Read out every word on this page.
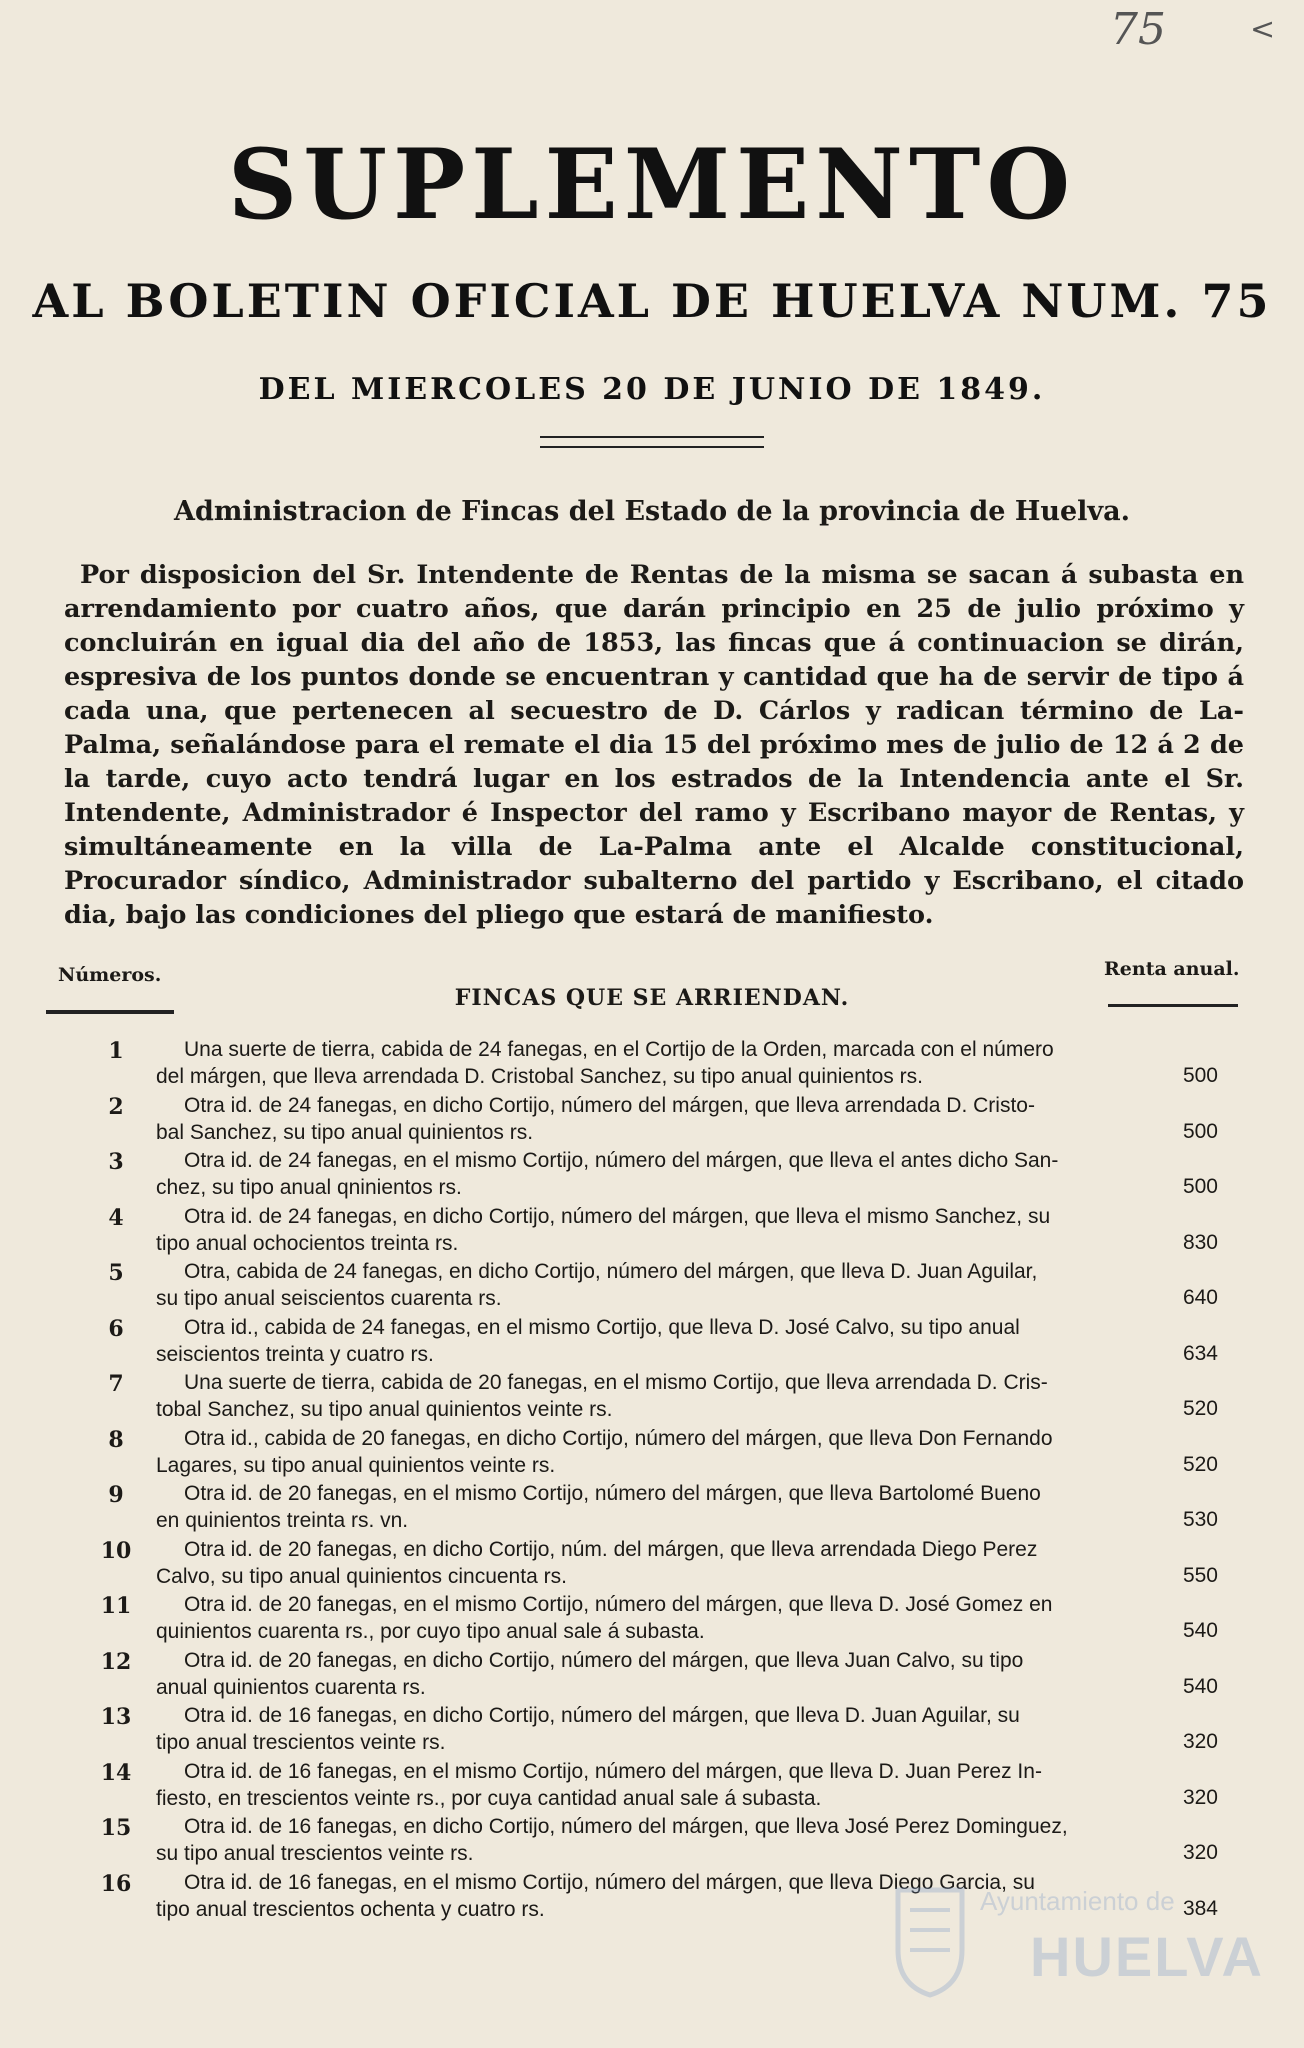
75	<
SUPLEMENTO
AL BOLETIN OFICIAL DE HUELVA NUM. 75
DEL MIERCOLES 20 DE JUNIO DE 1849.
Administracion de Fincas del Estado de la provincia de Huelva.

Por disposicion del Sr. Intendente de Rentas de la misma se sacan á subasta en arrendamiento por cuatro años, que darán principio en 25 de julio próximo y concluirán en igual dia del año de 1853, las fincas que á continuacion se dirán, espresiva de los puntos donde se encuentran y cantidad que ha de servir de tipo á cada una, que pertenecen al secuestro de D. Cárlos y radican término de La-Palma, señalándose para el remate el dia 15 del próximo mes de julio de 12 á 2 de la tarde, cuyo acto tendrá lugar en los estrados de la Intendencia ante el Sr. Intendente, Administrador é Inspector del ramo y Escribano mayor de Rentas, y simultáneamente en la villa de La-Palma ante el Alcalde constitucional, Procurador síndico, Administrador subalterno del partido y Escribano, el citado dia, bajo las condiciones del pliego que estará de manifiesto.

Números.
FINCAS QUE SE ARRIENDAN.
Renta anual.
1	Una suerte de tierra, cabida de 24 fanegas, en el Cortijo de la Orden, marcada con el número
del márgen, que lleva arrendada D. Cristobal Sanchez, su tipo anual quinientos rs.	500
2	Otra id. de 24 fanegas, en dicho Cortijo, número del márgen, que lleva arrendada D. Cristo-
bal Sanchez, su tipo anual quinientos rs.	500
3	Otra id. de 24 fanegas, en el mismo Cortijo, número del márgen, que lleva el antes dicho San-
chez, su tipo anual qninientos rs.	500
4	Otra id. de 24 fanegas, en dicho Cortijo, número del márgen, que lleva el mismo Sanchez, su
tipo anual ochocientos treinta rs.	830
5	Otra, cabida de 24 fanegas, en dicho Cortijo, número del márgen, que lleva D. Juan Aguilar,
su tipo anual seiscientos cuarenta rs.	640
6	Otra id., cabida de 24 fanegas, en el mismo Cortijo, que lleva D. José Calvo, su tipo anual
seiscientos treinta y cuatro rs.	634
7	Una suerte de tierra, cabida de 20 fanegas, en el mismo Cortijo, que lleva arrendada D. Cris-
tobal Sanchez, su tipo anual quinientos veinte rs.	520
8	Otra id., cabida de 20 fanegas, en dicho Cortijo, número del márgen, que lleva Don Fernando
Lagares, su tipo anual quinientos veinte rs.	520
9	Otra id. de 20 fanegas, en el mismo Cortijo, número del márgen, que lleva Bartolomé Bueno
en quinientos treinta rs. vn.	530
10	Otra id. de 20 fanegas, en dicho Cortijo, núm. del márgen, que lleva arrendada Diego Perez
Calvo, su tipo anual quinientos cincuenta rs.	550
11	Otra id. de 20 fanegas, en el mismo Cortijo, número del márgen, que lleva D. José Gomez en
quinientos cuarenta rs., por cuyo tipo anual sale á subasta.	540
12	Otra id. de 20 fanegas, en dicho Cortijo, número del márgen, que lleva Juan Calvo, su tipo
anual quinientos cuarenta rs.	540
13	Otra id. de 16 fanegas, en dicho Cortijo, número del márgen, que lleva D. Juan Aguilar, su
tipo anual trescientos veinte rs.	320
14	Otra id. de 16 fanegas, en el mismo Cortijo, número del márgen, que lleva D. Juan Perez In-
fiesto, en trescientos veinte rs., por cuya cantidad anual sale á subasta.	320
15	Otra id. de 16 fanegas, en dicho Cortijo, número del márgen, que lleva José Perez Dominguez,
su tipo anual trescientos veinte rs.	320
16	Otra id. de 16 fanegas, en el mismo Cortijo, número del márgen, que lleva Diego Garcia, su
tipo anual trescientos ochenta y cuatro rs.	384
Ayuntamiento de
HUELVA
